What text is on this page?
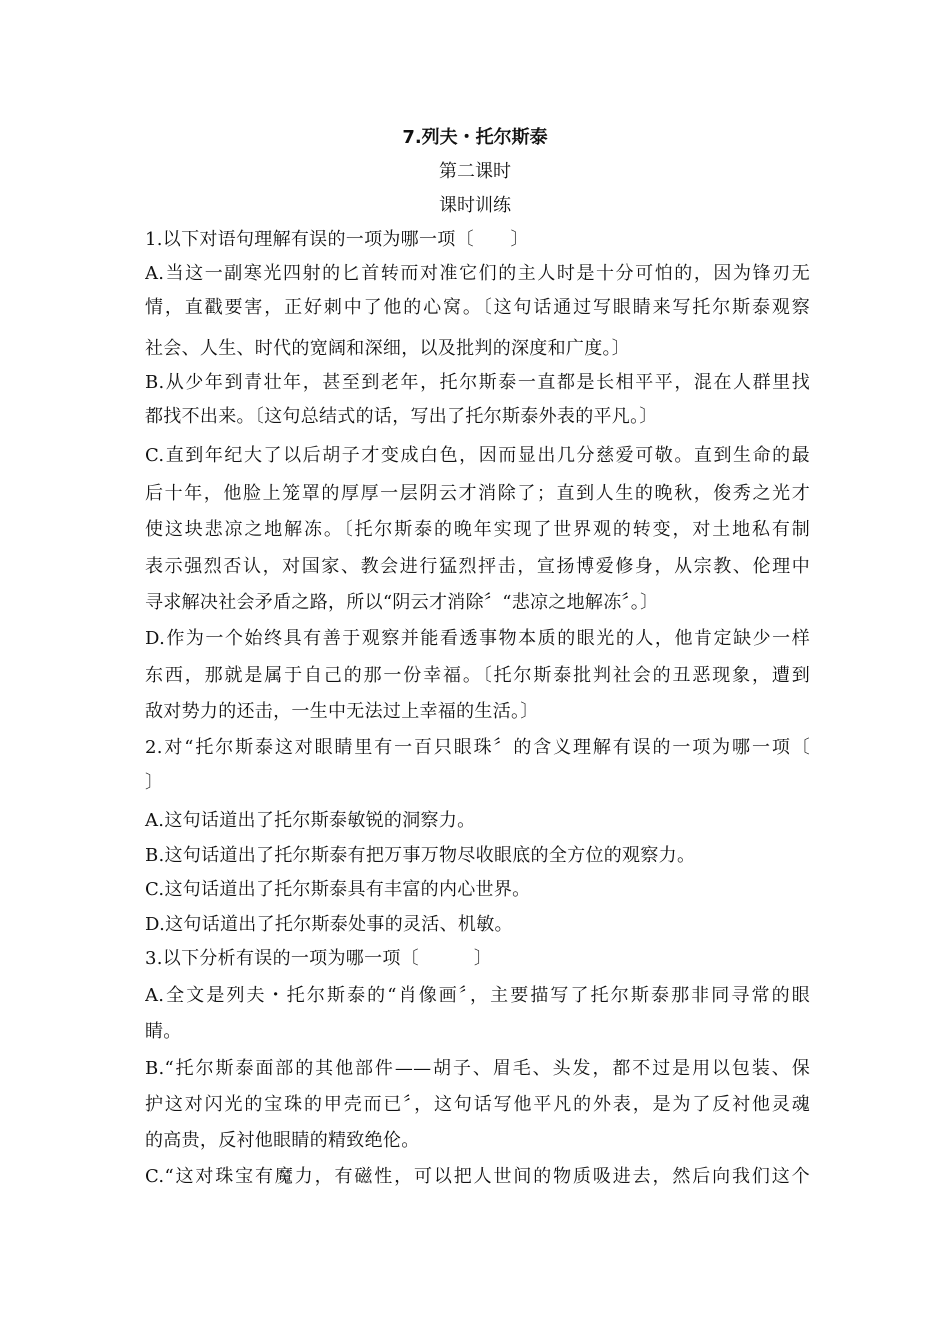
7.列夫・托尔斯泰
第二课时
课时训练
1.以下对语句理解有误的一项为哪一项〔　　〕
A.当这一副寒光四射的匕首转而对准它们的主人时是十分可怕的，因为锋刃无
情，直戳要害，正好刺中了他的心窝。〔这句话通过写眼睛来写托尔斯泰观察
社会、人生、时代的宽阔和深细，以及批判的深度和广度。〕
B.从少年到青壮年，甚至到老年，托尔斯泰一直都是长相平平，混在人群里找
都找不出来。〔这句总结式的话，写出了托尔斯泰外表的平凡。〕
C.直到年纪大了以后胡子才变成白色，因而显出几分慈爱可敬。直到生命的最
后十年，他脸上笼罩的厚厚一层阴云才消除了；直到人生的晚秋，俊秀之光才
使这块悲凉之地解冻。〔托尔斯泰的晚年实现了世界观的转变，对土地私有制
表示强烈否认，对国家、教会进行猛烈抨击，宣扬博爱修身，从宗教、伦理中
寻求解决社会矛盾之路，所以“阴云才消除〞“悲凉之地解冻〞。〕
D.作为一个始终具有善于观察并能看透事物本质的眼光的人，他肯定缺少一样
东西，那就是属于自己的那一份幸福。〔托尔斯泰批判社会的丑恶现象，遭到
敌对势力的还击，一生中无法过上幸福的生活。〕
2.对“托尔斯泰这对眼睛里有一百只眼珠〞的含义理解有误的一项为哪一项〔
〕
A.这句话道出了托尔斯泰敏锐的洞察力。
B.这句话道出了托尔斯泰有把万事万物尽收眼底的全方位的观察力。
C.这句话道出了托尔斯泰具有丰富的内心世界。
D.这句话道出了托尔斯泰处事的灵活、机敏。
3.以下分析有误的一项为哪一项〔　　　〕
A.全文是列夫・托尔斯泰的“肖像画〞，主要描写了托尔斯泰那非同寻常的眼
睛。
B.“托尔斯泰面部的其他部件——胡子、眉毛、头发，都不过是用以包装、保
护这对闪光的宝珠的甲壳而已〞，这句话写他平凡的外表，是为了反衬他灵魂
的高贵，反衬他眼睛的精致绝伦。
C.“这对珠宝有魔力，有磁性，可以把人世间的物质吸进去，然后向我们这个
